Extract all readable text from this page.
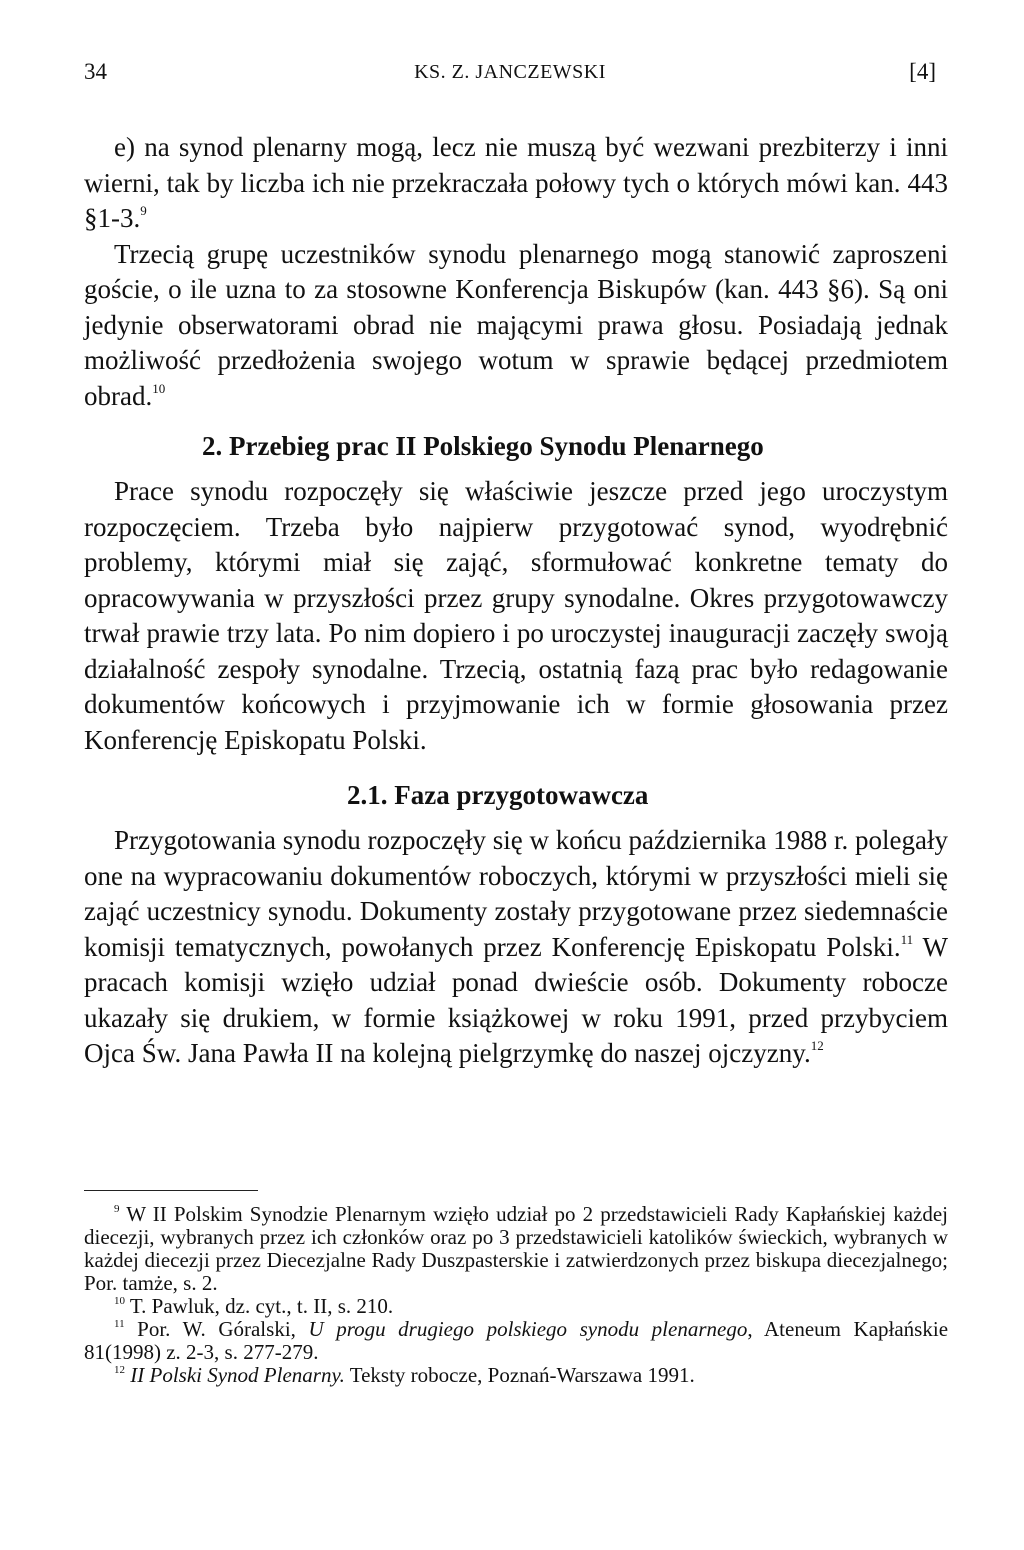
34	KS. Z. JANCZEWSKI	[4]

e) na synod plenarny mogą, lecz nie muszą być wezwani prezbiterzy i inni wierni, tak by liczba ich nie przekraczała połowy tych o których mówi kan. 443 §1-3.$^9$

Trzecią grupę uczestników synodu plenarnego mogą stanowić zaproszeni goście, o ile uzna to za stosowne Konferencja Biskupów (kan. 443 §6). Są oni jedynie obserwatorami obrad nie mającymi prawa głosu. Posiadają jednak możliwość przedłożenia swojego wotum w sprawie będącej przedmiotem obrad.$^{10}$

2. Przebieg prac II Polskiego Synodu Plenarnego

Prace synodu rozpoczęły się właściwie jeszcze przed jego uroczystym rozpoczęciem. Trzeba było najpierw przygotować synod, wyodrębnić problemy, którymi miał się zająć, sformułować konkretne tematy do opracowywania w przyszłości przez grupy synodalne. Okres przygotowawczy trwał prawie trzy lata. Po nim dopiero i po uroczystej inauguracji zaczęły swoją działalność zespoły synodalne. Trzecią, ostatnią fazą prac było redagowanie dokumentów końcowych i przyjmowanie ich w formie głosowania przez Konferencję Episkopatu Polski.

2.1. Faza przygotowawcza

Przygotowania synodu rozpoczęły się w końcu października 1988 r. polegały one na wypracowaniu dokumentów roboczych, którymi w przyszłości mieli się zająć uczestnicy synodu. Dokumenty zostały przygotowane przez siedemnaście komisji tematycznych, powołanych przez Konferencję Episkopatu Polski.$^{11}$ W pracach komisji wzięło udział ponad dwieście osób. Dokumenty robocze ukazały się drukiem, w formie książkowej w roku 1991, przed przybyciem Ojca Św. Jana Pawła II na kolejną pielgrzymkę do naszej ojczyzny.$^{12}$

$^9$ W II Polskim Synodzie Plenarnym wzięło udział po 2 przedstawicieli Rady Kapłańskiej każdej diecezji, wybranych przez ich członków oraz po 3 przedstawicieli katolików świeckich, wybranych w każdej diecezji przez Diecezjalne Rady Duszpasterskie i zatwierdzonych przez biskupa diecezjalnego; Por. tamże, s. 2.

$^{10}$ T. Pawluk, dz. cyt., t. II, s. 210.

$^{11}$ Por. W. Góralski, U progu drugiego polskiego synodu plenarnego, Ateneum Kapłańskie 81(1998) z. 2-3, s. 277-279.

$^{12}$ II Polski Synod Plenarny. Teksty robocze, Poznań-Warszawa 1991.
